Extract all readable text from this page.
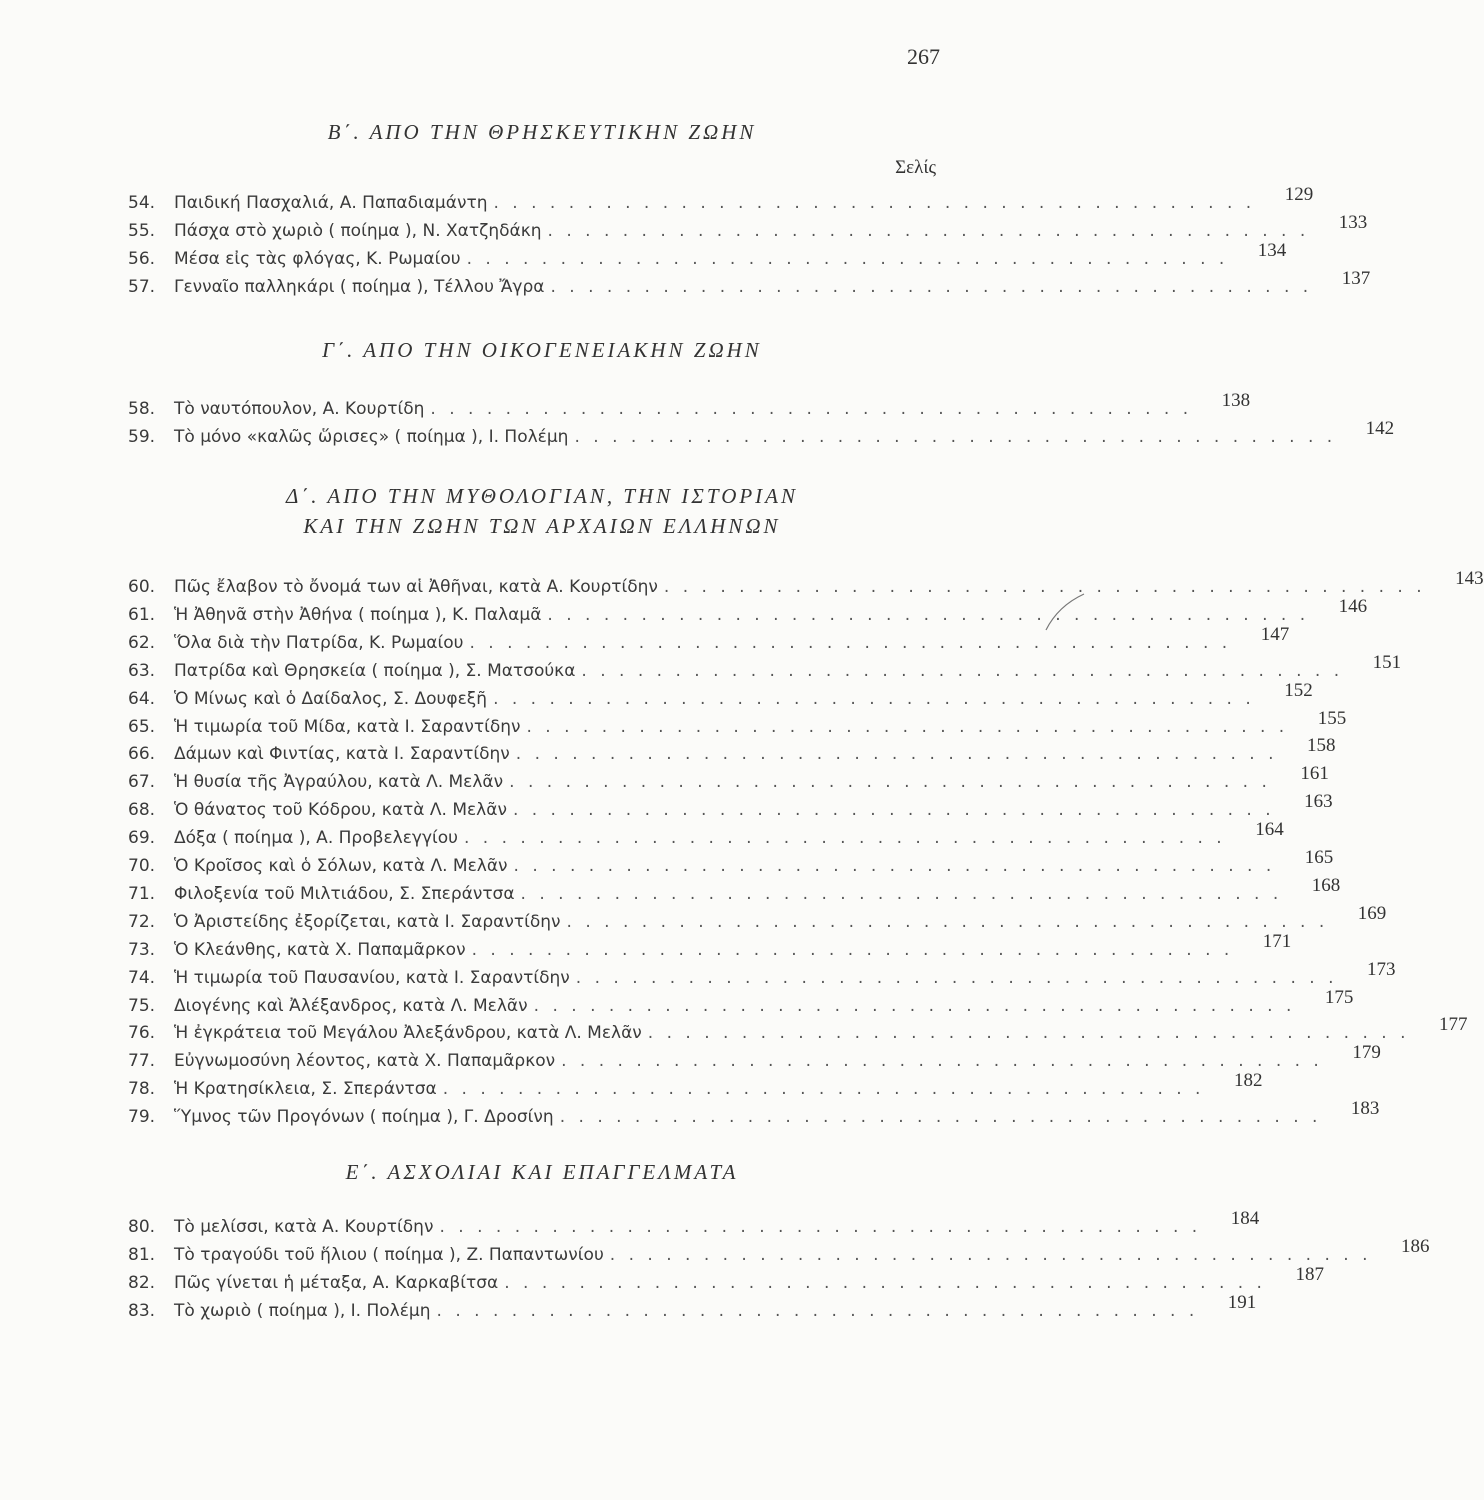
267
Β΄. ΑΠΟ ΤΗΝ ΘΡΗΣΚΕΥΤΙΚΗΝ ΖΩΗΝ
Σελίς
Γ΄. ΑΠΟ ΤΗΝ ΟΙΚΟΓΕΝΕΙΑΚΗΝ ΖΩΗΝ
Δ΄. ΑΠΟ ΤΗΝ ΜΥΘΟΛΟΓΙΑΝ, ΤΗΝ ΙΣΤΟΡΙΑΝ
ΚΑΙ ΤΗΝ ΖΩΗΝ ΤΩΝ ΑΡΧΑΙΩΝ ΕΛΛΗΝΩΝ
Ε΄. ΑΣΧΟΛΙΑΙ ΚΑΙ ΕΠΑΓΓΕΛΜΑΤΑ
54.	Παιδική Πασχαλιά, Α. Παπαδιαμάντη . . . . . . . . . . . . . . . . . . . . . . . . . . . . . . . . . . . . . . . . .	129
55.	Πάσχα στὸ χωριὸ ( ποίημα ), Ν. Χατζηδάκη . . . . . . . . . . . . . . . . . . . . . . . . . . . . . . . . . . . . . . . . .	133
56.	Μέσα εἰς τὰς φλόγας, Κ. Ρωμαίου . . . . . . . . . . . . . . . . . . . . . . . . . . . . . . . . . . . . . . . . .	134
57.	Γενναῖο παλληκάρι ( ποίημα ), Τέλλου Ἄγρα . . . . . . . . . . . . . . . . . . . . . . . . . . . . . . . . . . . . . . . . .	137
58.	Τὸ ναυτόπουλον, Α. Κουρτίδη . . . . . . . . . . . . . . . . . . . . . . . . . . . . . . . . . . . . . . . . .	138
59.	Τὸ μόνο «καλῶς ὥρισες» ( ποίημα ), Ι. Πολέμη . . . . . . . . . . . . . . . . . . . . . . . . . . . . . . . . . . . . . . . . .	142
60.	Πῶς ἔλαβον τὸ ὄνομά των αἱ Ἀθῆναι, κατὰ Α. Κουρτίδην . . . . . . . . . . . . . . . . . . . . . . . . . . . . . . . . . . . . . . . . .	143
61.	Ἡ Ἀθηνᾶ στὴν Ἀθήνα ( ποίημα ), Κ. Παλαμᾶ . . . . . . . . . . . . . . . . . . . . . . . . . . . . . . . . . . . . . . . . .	146
62.	Ὅλα διὰ τὴν Πατρίδα, Κ. Ρωμαίου . . . . . . . . . . . . . . . . . . . . . . . . . . . . . . . . . . . . . . . . .	147
63.	Πατρίδα καὶ Θρησκεία ( ποίημα ), Σ. Ματσούκα . . . . . . . . . . . . . . . . . . . . . . . . . . . . . . . . . . . . . . . . .	151
64.	Ὁ Μίνως καὶ ὁ Δαίδαλος, Σ. Δουφεξῆ . . . . . . . . . . . . . . . . . . . . . . . . . . . . . . . . . . . . . . . . .	152
65.	Ἡ τιμωρία τοῦ Μίδα, κατὰ Ι. Σαραντίδην . . . . . . . . . . . . . . . . . . . . . . . . . . . . . . . . . . . . . . . . .	155
66.	Δάμων καὶ Φιντίας, κατὰ Ι. Σαραντίδην . . . . . . . . . . . . . . . . . . . . . . . . . . . . . . . . . . . . . . . . .	158
67.	Ἡ θυσία τῆς Ἀγραύλου, κατὰ Λ. Μελᾶν . . . . . . . . . . . . . . . . . . . . . . . . . . . . . . . . . . . . . . . . .	161
68.	Ὁ θάνατος τοῦ Κόδρου, κατὰ Λ. Μελᾶν . . . . . . . . . . . . . . . . . . . . . . . . . . . . . . . . . . . . . . . . .	163
69.	Δόξα ( ποίημα ), Α. Προβελεγγίου . . . . . . . . . . . . . . . . . . . . . . . . . . . . . . . . . . . . . . . . .	164
70.	Ὁ Κροῖσος καὶ ὁ Σόλων, κατὰ Λ. Μελᾶν . . . . . . . . . . . . . . . . . . . . . . . . . . . . . . . . . . . . . . . . .	165
71.	Φιλοξενία τοῦ Μιλτιάδου, Σ. Σπεράντσα . . . . . . . . . . . . . . . . . . . . . . . . . . . . . . . . . . . . . . . . .	168
72.	Ὁ Ἀριστείδης ἐξορίζεται, κατὰ Ι. Σαραντίδην . . . . . . . . . . . . . . . . . . . . . . . . . . . . . . . . . . . . . . . . .	169
73.	Ὁ Κλεάνθης, κατὰ Χ. Παπαμᾶρκον . . . . . . . . . . . . . . . . . . . . . . . . . . . . . . . . . . . . . . . . .	171
74.	Ἡ τιμωρία τοῦ Παυσανίου, κατὰ Ι. Σαραντίδην . . . . . . . . . . . . . . . . . . . . . . . . . . . . . . . . . . . . . . . . .	173
75.	Διογένης καὶ Ἀλέξανδρος, κατὰ Λ. Μελᾶν . . . . . . . . . . . . . . . . . . . . . . . . . . . . . . . . . . . . . . . . .	175
76.	Ἡ ἐγκράτεια τοῦ Μεγάλου Ἀλεξάνδρου, κατὰ Λ. Μελᾶν . . . . . . . . . . . . . . . . . . . . . . . . . . . . . . . . . . . . . . . . .	177
77.	Εὐγνωμοσύνη λέοντος, κατὰ Χ. Παπαμᾶρκον . . . . . . . . . . . . . . . . . . . . . . . . . . . . . . . . . . . . . . . . .	179
78.	Ἡ Κρατησίκλεια, Σ. Σπεράντσα . . . . . . . . . . . . . . . . . . . . . . . . . . . . . . . . . . . . . . . . .	182
79.	Ὕμνος τῶν Προγόνων ( ποίημα ), Γ. Δροσίνη . . . . . . . . . . . . . . . . . . . . . . . . . . . . . . . . . . . . . . . . .	183
80.	Τὸ μελίσσι, κατὰ Α. Κουρτίδην . . . . . . . . . . . . . . . . . . . . . . . . . . . . . . . . . . . . . . . . .	184
81.	Τὸ τραγούδι τοῦ ἥλιου ( ποίημα ), Ζ. Παπαντωνίου . . . . . . . . . . . . . . . . . . . . . . . . . . . . . . . . . . . . . . . . .	186
82.	Πῶς γίνεται ἡ μέταξα, Α. Καρκαβίτσα . . . . . . . . . . . . . . . . . . . . . . . . . . . . . . . . . . . . . . . . .	187
83.	Τὸ χωριὸ ( ποίημα ), Ι. Πολέμη . . . . . . . . . . . . . . . . . . . . . . . . . . . . . . . . . . . . . . . . .	191
